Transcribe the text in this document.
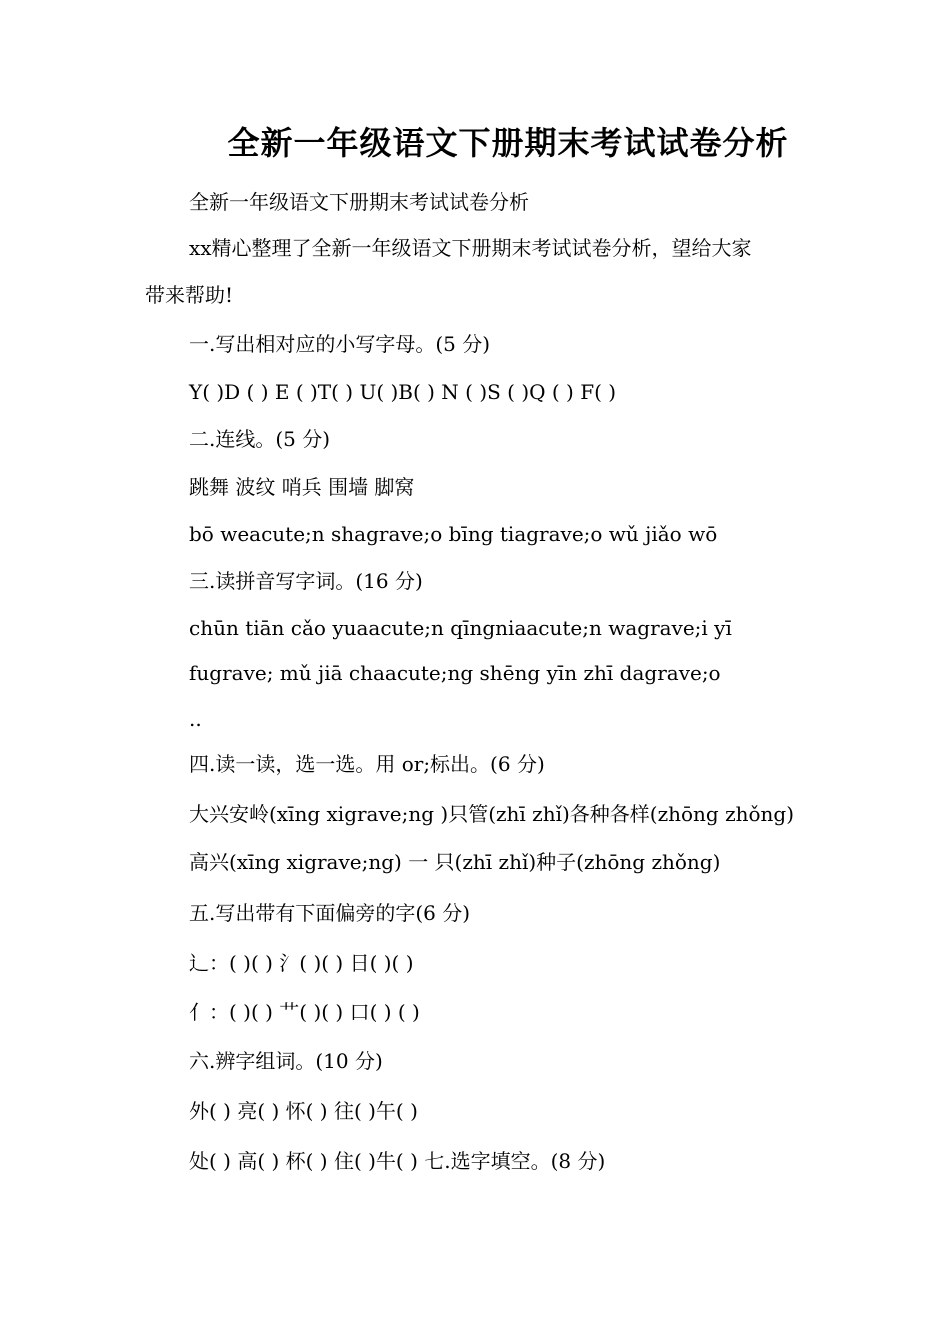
全新一年级语文下册期末考试试卷分析
全新一年级语文下册期末考试试卷分析
xx精心整理了全新一年级语文下册期末考试试卷分析，望给大家
带来帮助!
一.写出相对应的小写字母。(5 分)
Y( )D ( ) E ( )T( ) U( )B( ) N ( )S ( )Q ( ) F( )
二.连线。(5 分)
跳舞 波纹 哨兵 围墙 脚窝
bō weacute;n shagrave;o bīng tiagrave;o wǔ jiǎo wō
三.读拼音写字词。(16 分)
chūn tiān cǎo yuaacute;n qīngniaacute;n wagrave;i yī
fugrave; mǔ jiā chaacute;ng shēng yīn zhī dagrave;o
..
四.读一读，选一选。用 or;标出。(6 分)
大兴安岭(xīng xigrave;ng )只管(zhī zhǐ)各种各样(zhōng zhǒng)
高兴(xīng xigrave;ng) 一 只(zhī zhǐ)种子(zhōng zhǒng)
五.写出带有下面偏旁的字(6 分)
辶：( )( ) 氵( )( ) 日( )( )
亻：( )( ) 艹( )( ) 口( ) ( )
六.辨字组词。(10 分)
外( ) 亮( ) 怀( ) 往( )午( )
处( ) 高( ) 杯( ) 住( )牛( ) 七.选字填空。(8 分)
